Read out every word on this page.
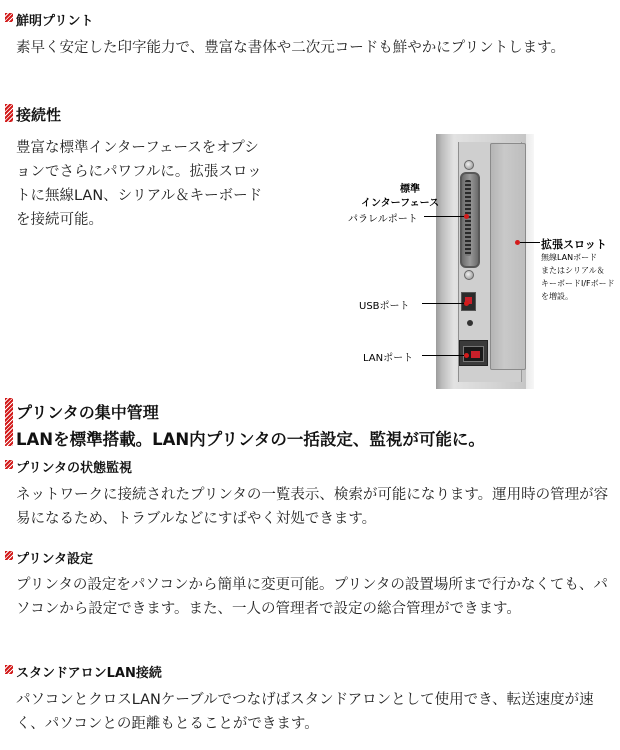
鮮明プリント
素早く安定した印字能力で、豊富な書体や二次元コードも鮮やかにプリントします。
接続性
豊富な標準インターフェースをオプションでさらにパワフルに。拡張スロットに無線LAN、シリアル＆キーボードを接続可能。
標準
インターフェース
パラレルポート
USBポート
LANポート
拡張スロット
無線LANボード
またはシリアル＆
キーボードI/Fボード
を増設。
プリンタの集中管理
LANを標準搭載。LAN内プリンタの一括設定、監視が可能に。
プリンタの状態監視
ネットワークに接続されたプリンタの一覧表示、検索が可能になります。運用時の管理が容易になるため、トラブルなどにすばやく対処できます。
プリンタ設定
プリンタの設定をパソコンから簡単に変更可能。プリンタの設置場所まで行かなくても、パソコンから設定できます。また、一人の管理者で設定の総合管理ができます。
スタンドアロンLAN接続
パソコンとクロスLANケーブルでつなげばスタンドアロンとして使用でき、転送速度が速く、パソコンとの距離もとることができます。
